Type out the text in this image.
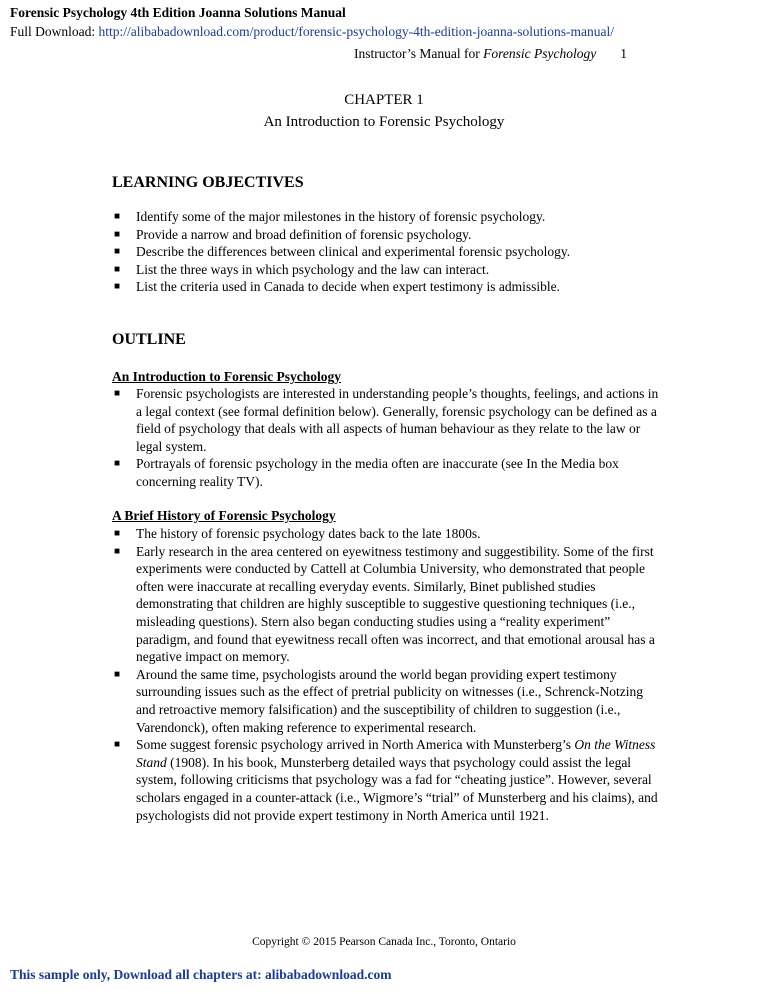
Forensic Psychology 4th Edition Joanna Solutions Manual
Full Download: http://alibabadownload.com/product/forensic-psychology-4th-edition-joanna-solutions-manual/
Instructor’s Manual for Forensic Psychology 1
CHAPTER 1
An Introduction to Forensic Psychology
LEARNING OBJECTIVES
■ Identify some of the major milestones in the history of forensic psychology.
■ Provide a narrow and broad definition of forensic psychology.
■ Describe the differences between clinical and experimental forensic psychology.
■ List the three ways in which psychology and the law can interact.
■ List the criteria used in Canada to decide when expert testimony is admissible.
OUTLINE
An Introduction to Forensic Psychology
■ Forensic psychologists are interested in understanding people’s thoughts, feelings, and actions in a legal context (see formal definition below). Generally, forensic psychology can be defined as a field of psychology that deals with all aspects of human behaviour as they relate to the law or legal system.
■ Portrayals of forensic psychology in the media often are inaccurate (see In the Media box concerning reality TV).
A Brief History of Forensic Psychology
■ The history of forensic psychology dates back to the late 1800s.
■ Early research in the area centered on eyewitness testimony and suggestibility. Some of the first experiments were conducted by Cattell at Columbia University, who demonstrated that people often were inaccurate at recalling everyday events. Similarly, Binet published studies demonstrating that children are highly susceptible to suggestive questioning techniques (i.e., misleading questions). Stern also began conducting studies using a “reality experiment” paradigm, and found that eyewitness recall often was incorrect, and that emotional arousal has a negative impact on memory.
■ Around the same time, psychologists around the world began providing expert testimony surrounding issues such as the effect of pretrial publicity on witnesses (i.e., Schrenck-Notzing and retroactive memory falsification) and the susceptibility of children to suggestion (i.e., Varendonck), often making reference to experimental research.
■ Some suggest forensic psychology arrived in North America with Munsterberg’s On the Witness Stand (1908). In his book, Munsterberg detailed ways that psychology could assist the legal system, following criticisms that psychology was a fad for “cheating justice”. However, several scholars engaged in a counter-attack (i.e., Wigmore’s “trial” of Munsterberg and his claims), and psychologists did not provide expert testimony in North America until 1921.
Copyright © 2015 Pearson Canada Inc., Toronto, Ontario
This sample only, Download all chapters at: alibabadownload.com
